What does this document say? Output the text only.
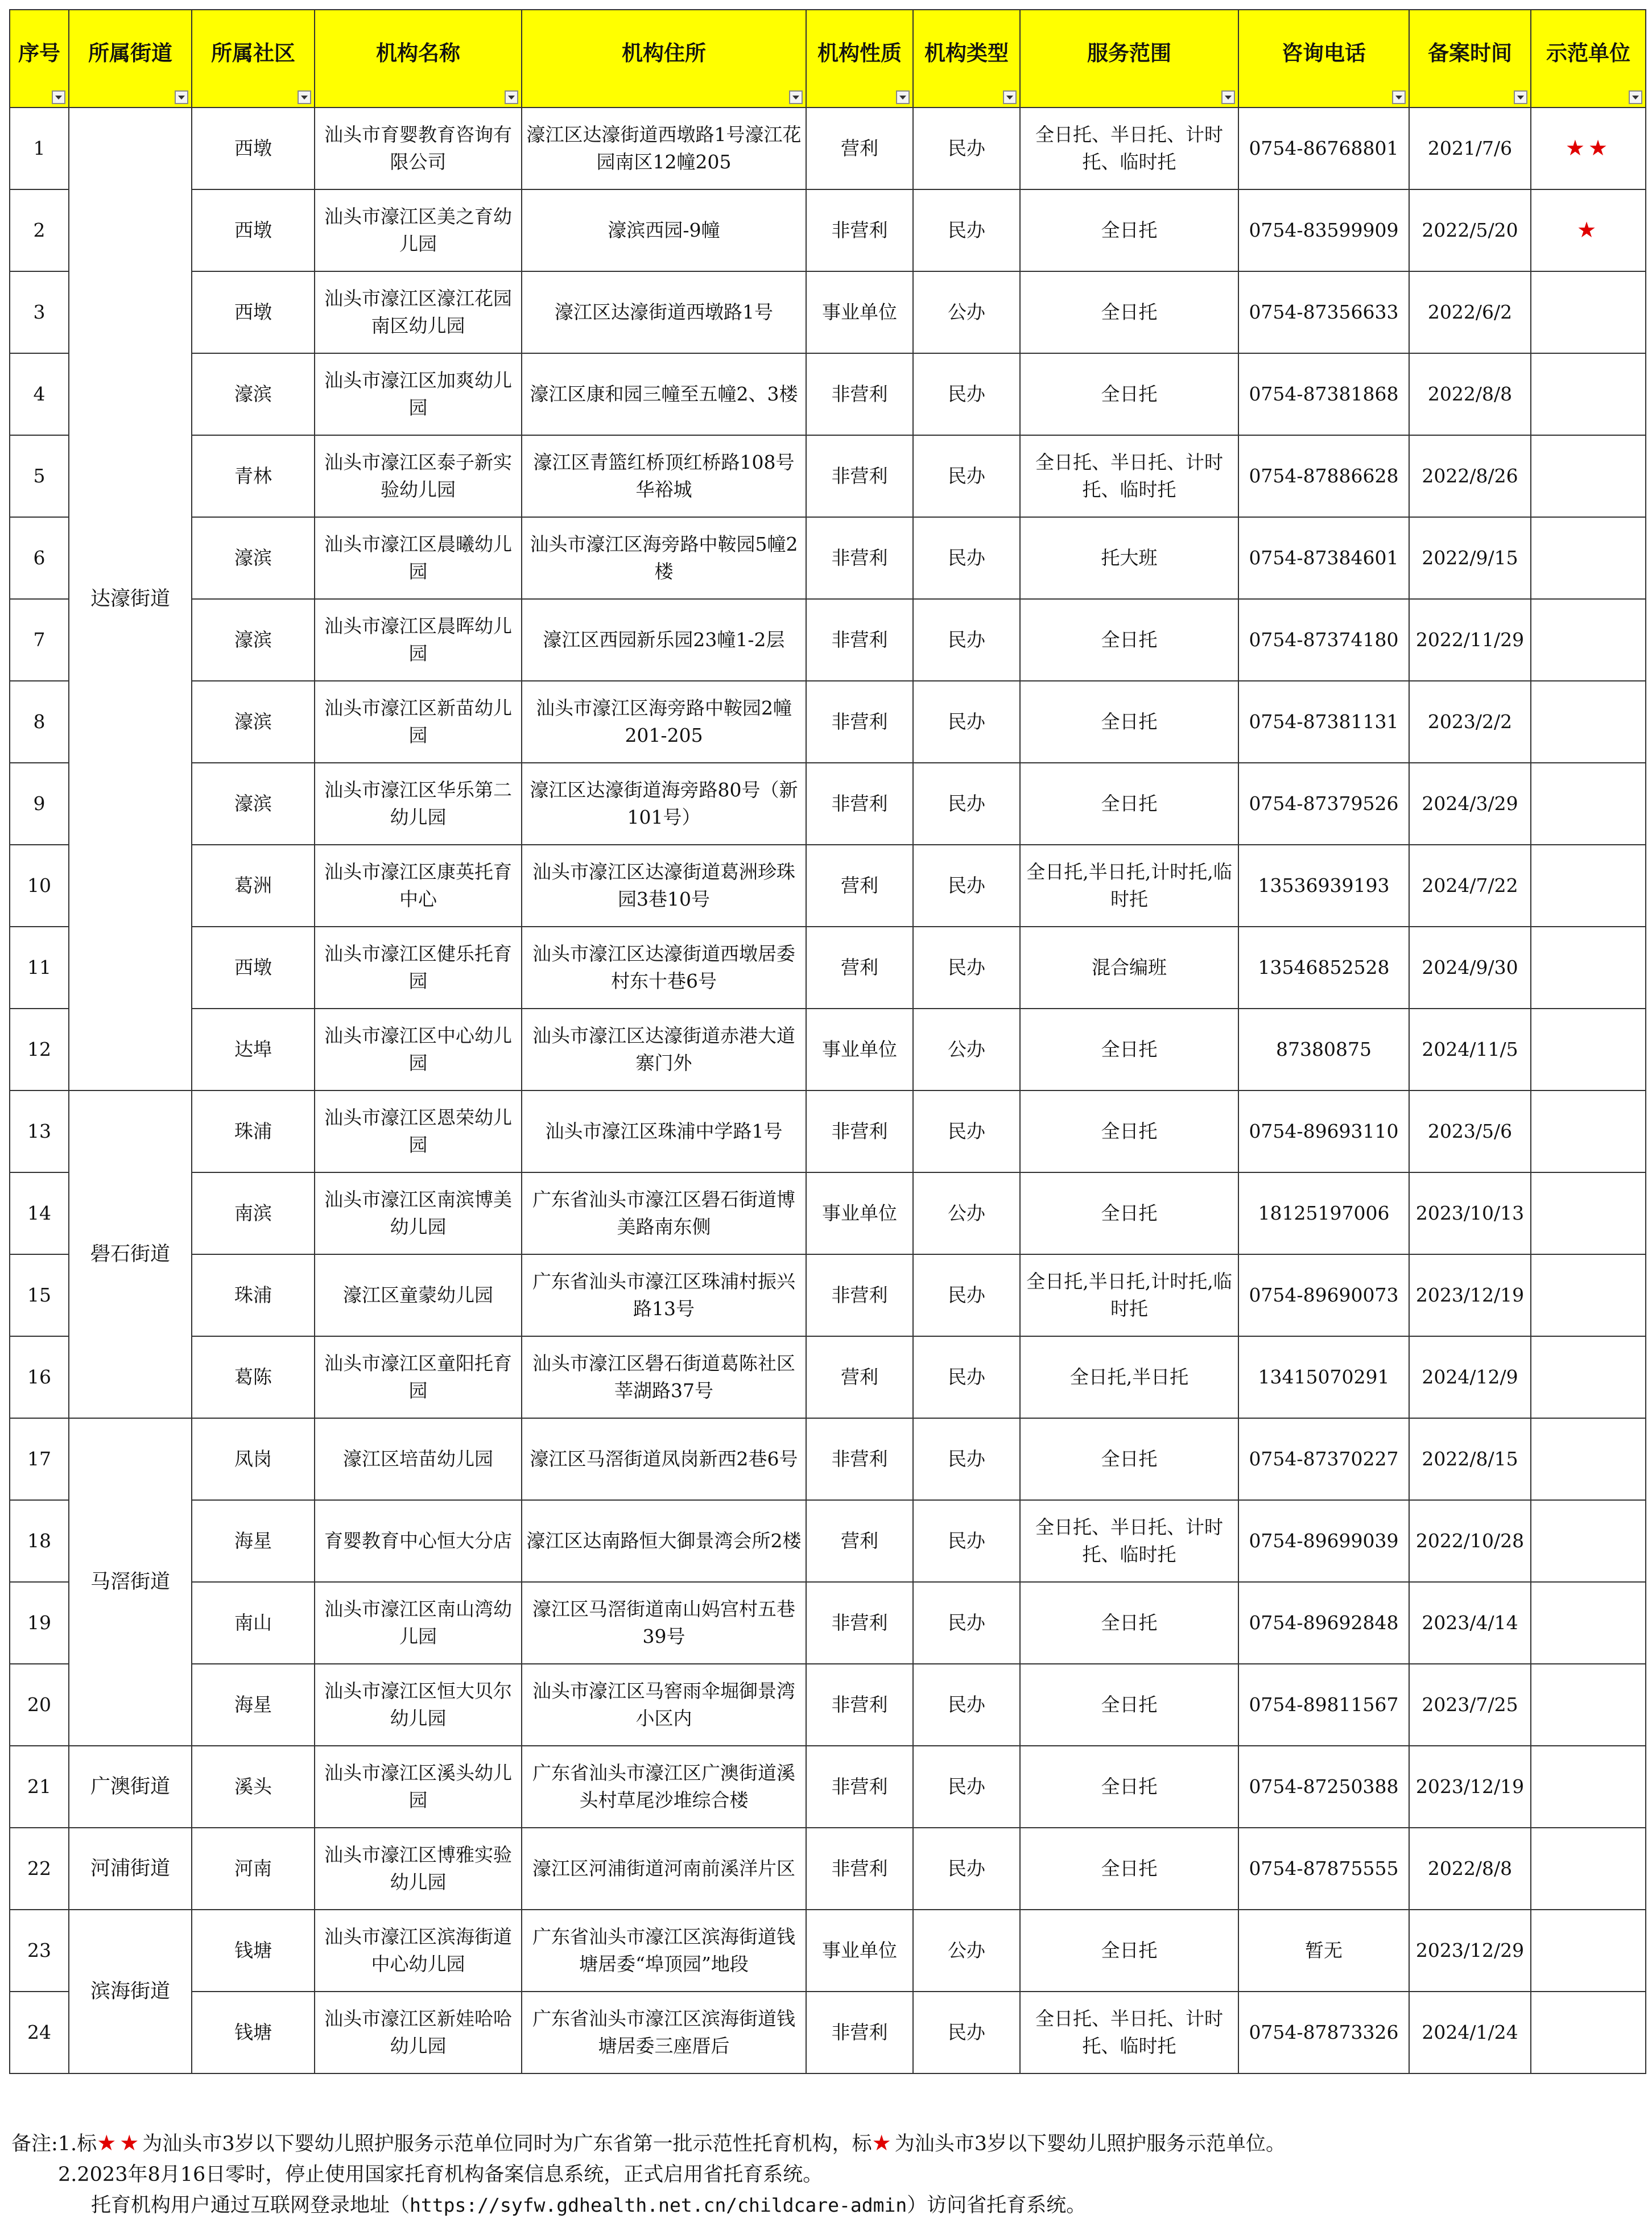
序号	所属街道	所属社区	机构名称	机构住所	机构性质	机构类型	服务范围	咨询电话	备案时间	示范单位

1	达濠街道	西墩	汕头市育婴教育咨询有限公司	濠江区达濠街道西墩路1号濠江花园南区12幢205	营利	民办	全日托、半日托、计时托、临时托	0754-86768801	2021/7/6	★★
2		西墩	汕头市濠江区美之育幼儿园	濠滨西园-9幢	非营利	民办	全日托	0754-83599909	2022/5/20	★
3		西墩	汕头市濠江区濠江花园南区幼儿园	濠江区达濠街道西墩路1号	事业单位	公办	全日托	0754-87356633	2022/6/2	
4		濠滨	汕头市濠江区加爽幼儿园	濠江区康和园三幢至五幢2、3楼	非营利	民办	全日托	0754-87381868	2022/8/8	
5		青林	汕头市濠江区泰子新实验幼儿园	濠江区青篮红桥顶红桥路108号华裕城	非营利	民办	全日托、半日托、计时托、临时托	0754-87886628	2022/8/26	
6		濠滨	汕头市濠江区晨曦幼儿园	汕头市濠江区海旁路中鞍园5幢2楼	非营利	民办	托大班	0754-87384601	2022/9/15	
7		濠滨	汕头市濠江区晨晖幼儿园	濠江区西园新乐园23幢1-2层	非营利	民办	全日托	0754-87374180	2022/11/29	
8		濠滨	汕头市濠江区新苗幼儿园	汕头市濠江区海旁路中鞍园2幢201-205	非营利	民办	全日托	0754-87381131	2023/2/2	
9		濠滨	汕头市濠江区华乐第二幼儿园	濠江区达濠街道海旁路80号（新101号）	非营利	民办	全日托	0754-87379526	2024/3/29	
10		葛洲	汕头市濠江区康英托育中心	汕头市濠江区达濠街道葛洲珍珠园3巷10号	营利	民办	全日托,半日托,计时托,临时托	13536939193	2024/7/22	
11		西墩	汕头市濠江区健乐托育园	汕头市濠江区达濠街道西墩居委村东十巷6号	营利	民办	混合编班	13546852528	2024/9/30	
12		达埠	汕头市濠江区中心幼儿园	汕头市濠江区达濠街道赤港大道寨门外	事业单位	公办	全日托	87380875	2024/11/5	
13	礐石街道	珠浦	汕头市濠江区恩荣幼儿园	汕头市濠江区珠浦中学路1号	非营利	民办	全日托	0754-89693110	2023/5/6	
14		南滨	汕头市濠江区南滨博美幼儿园	广东省汕头市濠江区礐石街道博美路南东侧	事业单位	公办	全日托	18125197006	2023/10/13	
15		珠浦	濠江区童蒙幼儿园	广东省汕头市濠江区珠浦村振兴路13号	非营利	民办	全日托,半日托,计时托,临时托	0754-89690073	2023/12/19	
16		葛陈	汕头市濠江区童阳托育园	汕头市濠江区礐石街道葛陈社区莘湖路37号	营利	民办	全日托,半日托	13415070291	2024/12/9	
17	马滘街道	凤岗	濠江区培苗幼儿园	濠江区马滘街道凤岗新西2巷6号	非营利	民办	全日托	0754-87370227	2022/8/15	
18		海星	育婴教育中心恒大分店	濠江区达南路恒大御景湾会所2楼	营利	民办	全日托、半日托、计时托、临时托	0754-89699039	2022/10/28	
19		南山	汕头市濠江区南山湾幼儿园	濠江区马滘街道南山妈宫村五巷39号	非营利	民办	全日托	0754-89692848	2023/4/14	
20		海星	汕头市濠江区恒大贝尔幼儿园	汕头市濠江区马窖雨伞堀御景湾小区内	非营利	民办	全日托	0754-89811567	2023/7/25	
21	广澳街道	溪头	汕头市濠江区溪头幼儿园	广东省汕头市濠江区广澳街道溪头村草尾沙堆综合楼	非营利	民办	全日托	0754-87250388	2023/12/19	
22	河浦街道	河南	汕头市濠江区博雅实验幼儿园	濠江区河浦街道河南前溪洋片区	非营利	民办	全日托	0754-87875555	2022/8/8	
23	滨海街道	钱塘	汕头市濠江区滨海街道中心幼儿园	广东省汕头市濠江区滨海街道钱塘居委“埠顶园”地段	事业单位	公办	全日托	暂无	2023/12/29	
24		钱塘	汕头市濠江区新娃哈哈幼儿园	广东省汕头市濠江区滨海街道钱塘居委三座厝后	非营利	民办	全日托、半日托、计时托、临时托	0754-87873326	2024/1/24	
备注:1.标★★为汕头市3岁以下婴幼儿照护服务示范单位同时为广东省第一批示范性托育机构，标★为汕头市3岁以下婴幼儿照护服务示范单位。
2.2023年8月16日零时，停止使用国家托育机构备案信息系统，正式启用省托育系统。
托育机构用户通过互联网登录地址（https://syfw.gdhealth.net.cn/childcare-admin）访问省托育系统。
